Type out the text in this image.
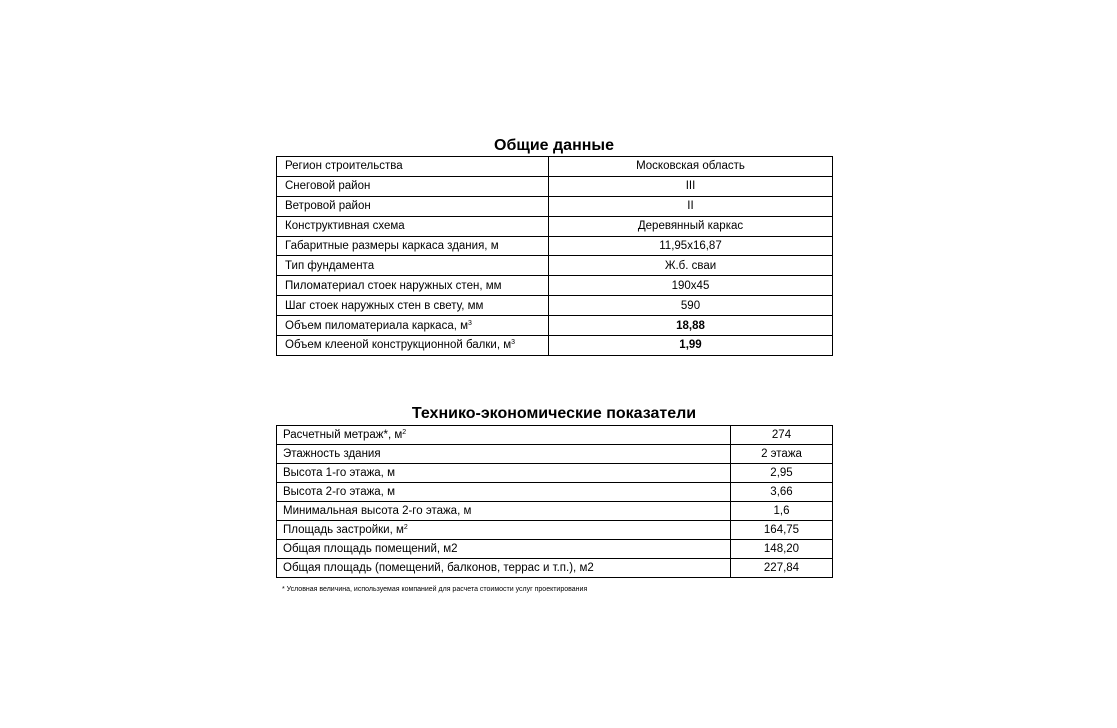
Общие данные
Регион строительства	Московская область
Снеговой район	III
Ветровой район	II
Конструктивная схема	Деревянный каркас
Габаритные размеры каркаса здания, м	11,95х16,87
Тип фундамента	Ж.б. сваи
Пиломатериал стоек наружных стен, мм	190х45
Шаг стоек наружных стен в свету, мм	590
Объем пиломатериала каркаса, $м^3$	18,88
Объем клееной конструкционной балки, $м^3$	1,99
Технико-экономические показатели
Расчетный метраж*, $м^2$	274
Этажность здания	2 этажа
Высота 1-го этажа, м	2,95
Высота 2-го этажа, м	3,66
Минимальная высота 2-го этажа, м	1,6
Площадь застройки, $м^2$	164,75
Общая площадь помещений, м2	148,20
Общая площадь (помещений, балконов, террас и т.п.), м2	227,84
* Условная величина, используемая компанией для расчета стоимости услуг проектирования
